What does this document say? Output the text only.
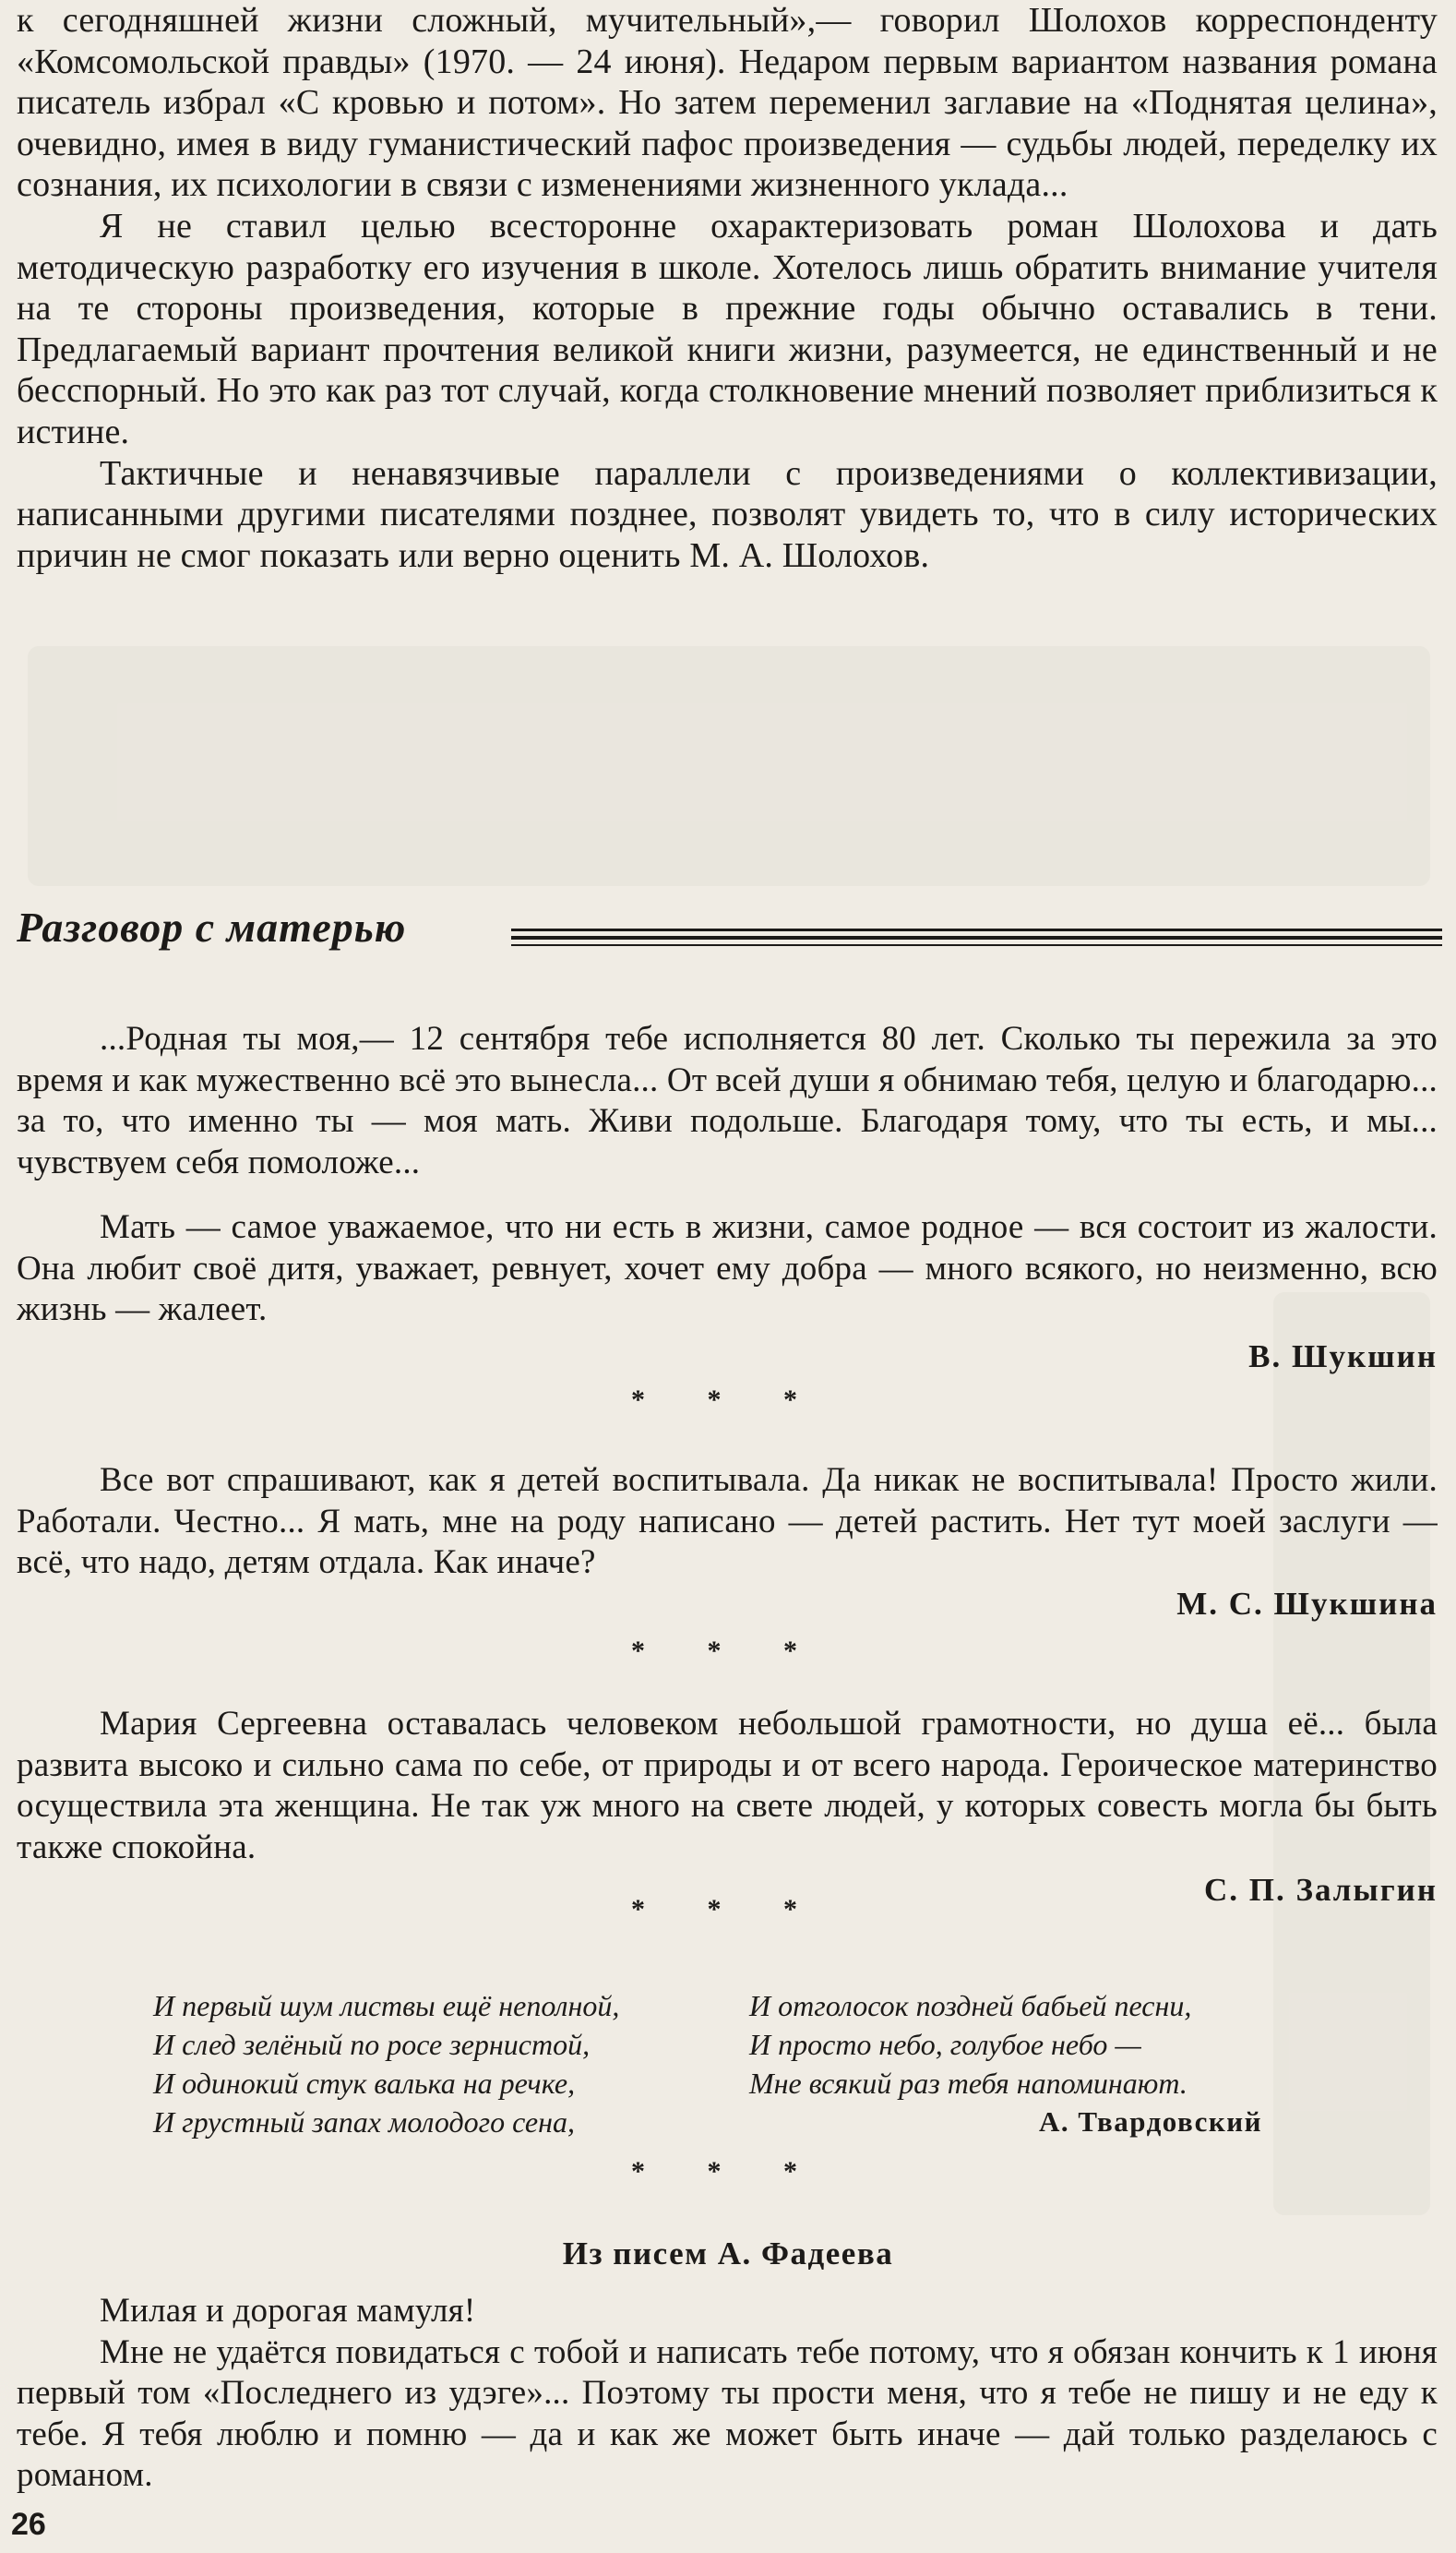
к сегодняшней жизни сложный, мучительный»,— говорил Шолохов корреспонденту «Комсомольской правды» (1970. — 24 июня). Недаром первым вариантом названия романа писатель избрал «С кровью и потом». Но затем переменил заглавие на «Поднятая целина», очевидно, имея в виду гуманистический пафос произведения — судьбы людей, переделку их сознания, их психологии в связи с изменениями жизненного уклада...

Я не ставил целью всесторонне охарактеризовать роман Шолохова и дать методическую разработку его изучения в школе. Хотелось лишь обратить внимание учителя на те стороны произведения, которые в прежние годы обычно оставались в тени. Предлагаемый вариант прочтения великой книги жизни, разумеется, не единственный и не бесспорный. Но это как раз тот случай, когда столкновение мнений позволяет приблизиться к истине.

Тактичные и ненавязчивые параллели с произведениями о коллективизации, написанными другими писателями позднее, позволят увидеть то, что в силу исторических причин не смог показать или верно оценить М. А. Шолохов.

Разговор с матерью

...Родная ты моя,— 12 сентября тебе исполняется 80 лет. Сколько ты пережила за это время и как мужественно всё это вынесла... От всей души я обнимаю тебя, целую и благодарю... за то, что именно ты — моя мать. Живи подольше. Благодаря тому, что ты есть, и мы... чувствуем себя помоложе...

Мать — самое уважаемое, что ни есть в жизни, самое родное — вся состоит из жалости. Она любит своё дитя, уважает, ревнует, хочет ему добра — много всякого, но неизменно, всю жизнь — жалеет.

В. Шукшин

* * *

Все вот спрашивают, как я детей воспитывала. Да никак не воспитывала! Просто жили. Работали. Честно... Я мать, мне на роду написано — детей растить. Нет тут моей заслуги — всё, что надо, детям отдала. Как иначе?

М. С. Шукшина

* * *

Мария Сергеевна оставалась человеком небольшой грамотности, но душа её... была развита высоко и сильно сама по себе, от природы и от всего народа. Героическое материнство осуществила эта женщина. Не так уж много на свете людей, у которых совесть могла бы быть также спокойна.

С. П. Залыгин

* * *
И первый шум листвы ещё неполной,
И след зелёный по росе зернистой,
И одинокий стук валька на речке,
И грустный запах молодого сена,
И отголосок поздней бабьей песни,
И просто небо, голубое небо —
Мне всякий раз тебя напоминают.
А. Твардовский
* * *
Из писем А. Фадеева

Милая и дорогая мамуля!

Мне не удаётся повидаться с тобой и написать тебе потому, что я обязан кончить к 1 июня первый том «Последнего из удэге»... Поэтому ты прости меня, что я тебе не пишу и не еду к тебе. Я тебя люблю и помню — да и как же может быть иначе — дай только разделаюсь с романом.

26
